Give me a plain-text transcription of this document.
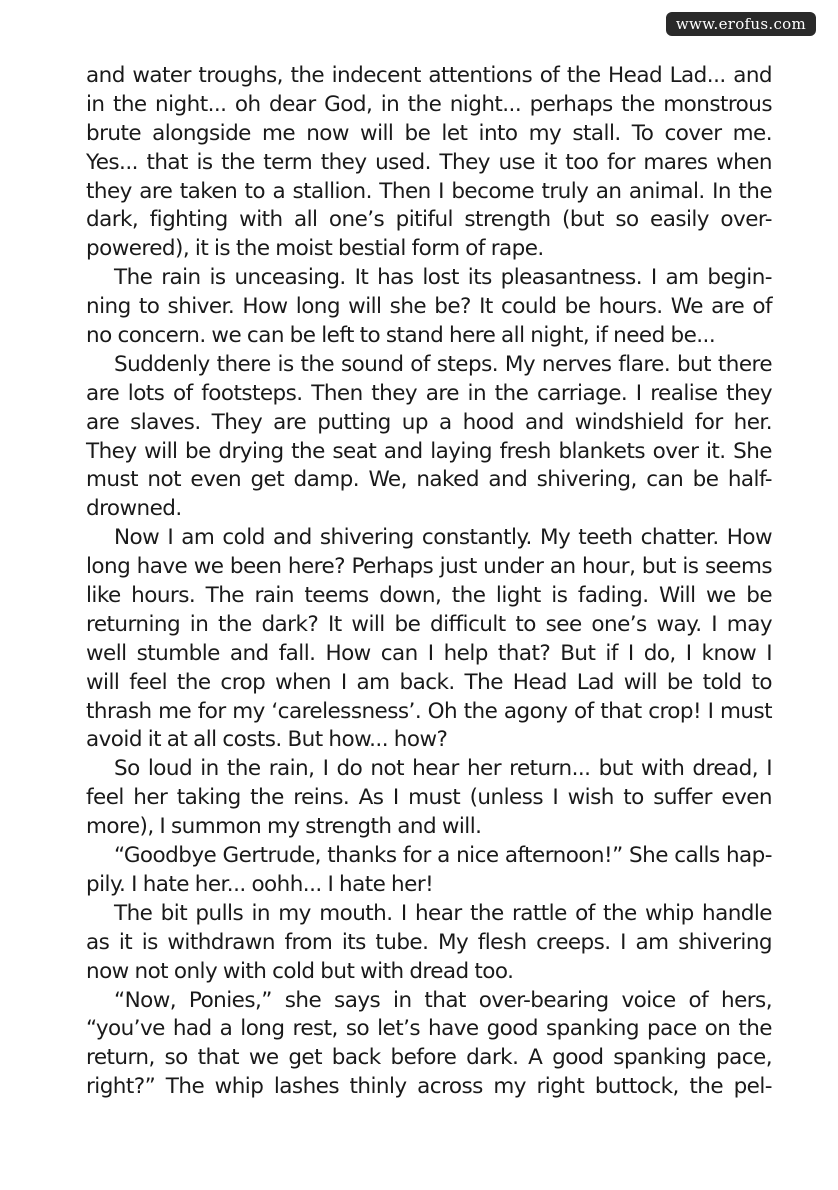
www.erofus.com
and water troughs, the indecent attentions of the Head Lad... and
in the night... oh dear God, in the night... perhaps the monstrous
brute alongside me now will be let into my stall. To cover me.
Yes... that is the term they used. They use it too for mares when
they are taken to a stallion. Then I become truly an animal. In the
dark, fighting with all one’s pitiful strength (but so easily over-
powered), it is the moist bestial form of rape.
The rain is unceasing. It has lost its pleasantness. I am begin-
ning to shiver. How long will she be? It could be hours. We are of
no concern. we can be left to stand here all night, if need be...
Suddenly there is the sound of steps. My nerves flare. but there
are lots of footsteps. Then they are in the carriage. I realise they
are slaves. They are putting up a hood and windshield for her.
They will be drying the seat and laying fresh blankets over it. She
must not even get damp. We, naked and shivering, can be half-
drowned.
Now I am cold and shivering constantly. My teeth chatter. How
long have we been here? Perhaps just under an hour, but is seems
like hours. The rain teems down, the light is fading. Will we be
returning in the dark? It will be difficult to see one’s way. I may
well stumble and fall. How can I help that? But if I do, I know I
will feel the crop when I am back. The Head Lad will be told to
thrash me for my ‘carelessness’. Oh the agony of that crop! I must
avoid it at all costs. But how... how?
So loud in the rain, I do not hear her return... but with dread, I
feel her taking the reins. As I must (unless I wish to suffer even
more), I summon my strength and will.
“Goodbye Gertrude, thanks for a nice afternoon!” She calls hap-
pily. I hate her... oohh... I hate her!
The bit pulls in my mouth. I hear the rattle of the whip handle
as it is withdrawn from its tube. My flesh creeps. I am shivering
now not only with cold but with dread too.
“Now, Ponies,” she says in that over-bearing voice of hers,
“you’ve had a long rest, so let’s have good spanking pace on the
return, so that we get back before dark. A good spanking pace,
right?” The whip lashes thinly across my right buttock, the pel-
